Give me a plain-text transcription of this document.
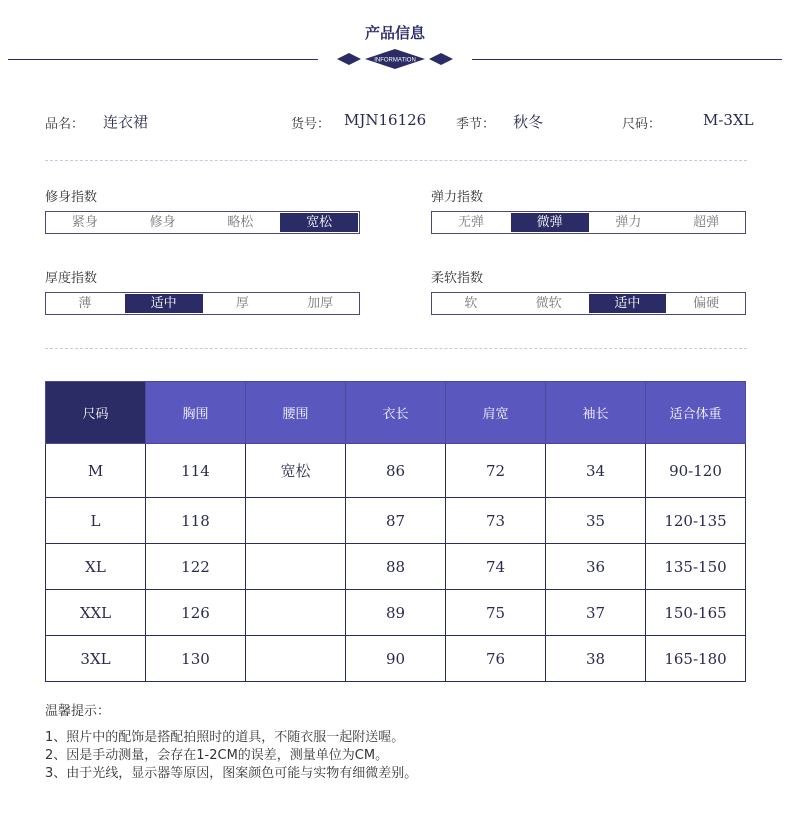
产品信息
INFORMATION
品名： 连衣裙	货号： MJN16126 季节： 秋冬	尺码：	M-3XL
修身指数
紧身	修身	略松	宽松
弹力指数
无弹	微弹	弹力	超弹
厚度指数
薄	适中	厚	加厚
柔软指数
软	微软	适中	偏硬
尺码	胸围	腰围	衣长	肩宽	袖长	适合体重
M	114	宽松	86	72	34	90-120
L	118		87	73	35	120-135
XL	122		88	74	36	135-150
XXL	126		89	75	37	150-165
3XL	130		90	76	38	165-180
温馨提示：
1、照片中的配饰是搭配拍照时的道具，不随衣服一起附送喔。
2、因是手动测量，会存在1-2CM的误差，测量单位为CM。
3、由于光线，显示器等原因，图案颜色可能与实物有细微差别。
